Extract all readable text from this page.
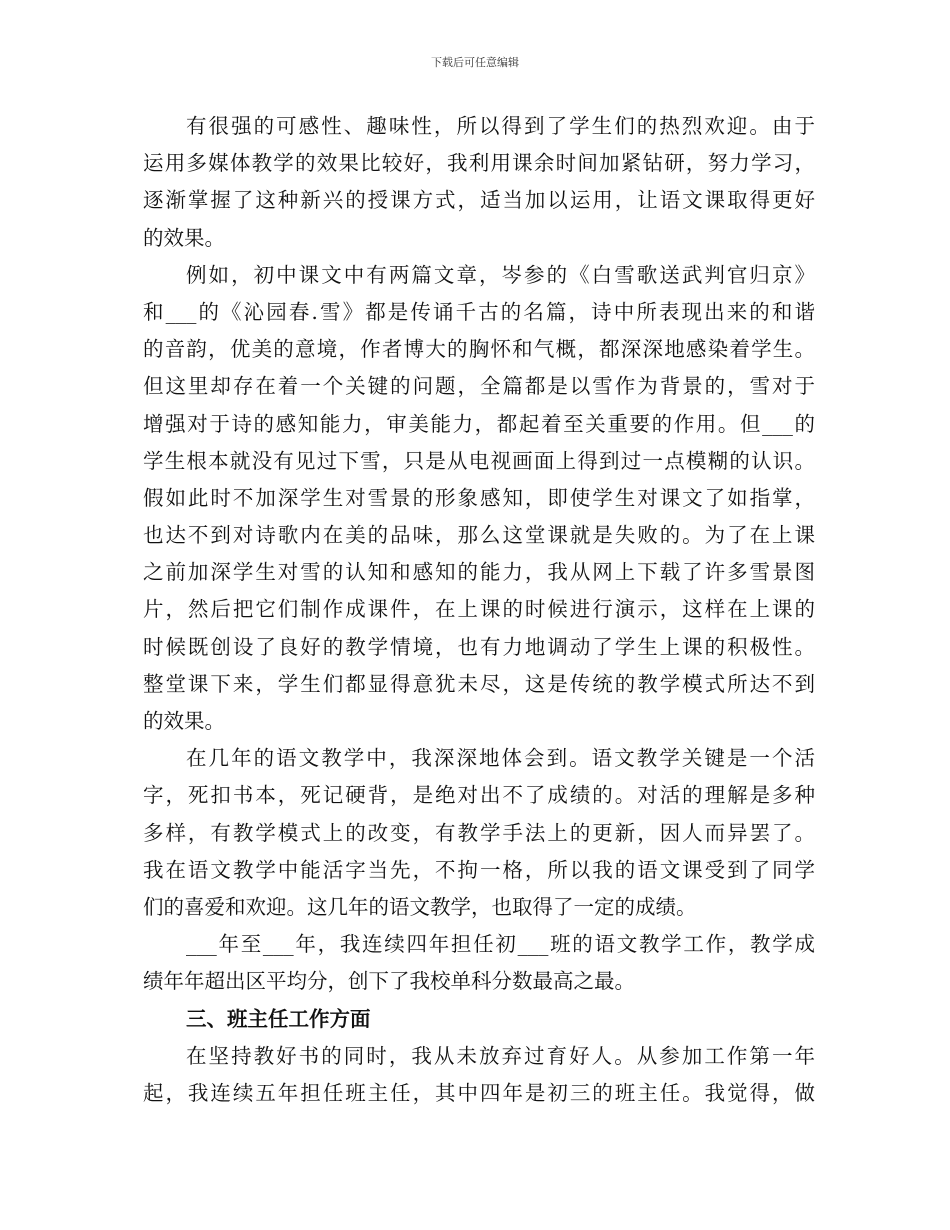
下载后可任意编辑
有很强的可感性、趣味性，所以得到了学生们的热烈欢迎。由于
运用多媒体教学的效果比较好，我利用课余时间加紧钻研，努力学习，
逐渐掌握了这种新兴的授课方式，适当加以运用，让语文课取得更好
的效果。
例如，初中课文中有两篇文章，岑参的《白雪歌送武判官归京》
和___的《沁园春.雪》都是传诵千古的名篇，诗中所表现出来的和谐
的音韵，优美的意境，作者博大的胸怀和气概，都深深地感染着学生。
但这里却存在着一个关键的问题，全篇都是以雪作为背景的，雪对于
增强对于诗的感知能力，审美能力，都起着至关重要的作用。但___的
学生根本就没有见过下雪，只是从电视画面上得到过一点模糊的认识。
假如此时不加深学生对雪景的形象感知，即使学生对课文了如指掌，
也达不到对诗歌内在美的品味，那么这堂课就是失败的。为了在上课
之前加深学生对雪的认知和感知的能力，我从网上下载了许多雪景图
片，然后把它们制作成课件，在上课的时候进行演示，这样在上课的
时候既创设了良好的教学情境，也有力地调动了学生上课的积极性。
整堂课下来，学生们都显得意犹未尽，这是传统的教学模式所达不到
的效果。
在几年的语文教学中，我深深地体会到。语文教学关键是一个活
字，死扣书本，死记硬背，是绝对出不了成绩的。对活的理解是多种
多样，有教学模式上的改变，有教学手法上的更新，因人而异罢了。
我在语文教学中能活字当先，不拘一格，所以我的语文课受到了同学
们的喜爱和欢迎。这几年的语文教学，也取得了一定的成绩。
___年至___年，我连续四年担任初___班的语文教学工作，教学成
绩年年超出区平均分，创下了我校单科分数最高之最。
三、班主任工作方面
在坚持教好书的同时，我从未放弃过育好人。从参加工作第一年
起，我连续五年担任班主任，其中四年是初三的班主任。我觉得，做
